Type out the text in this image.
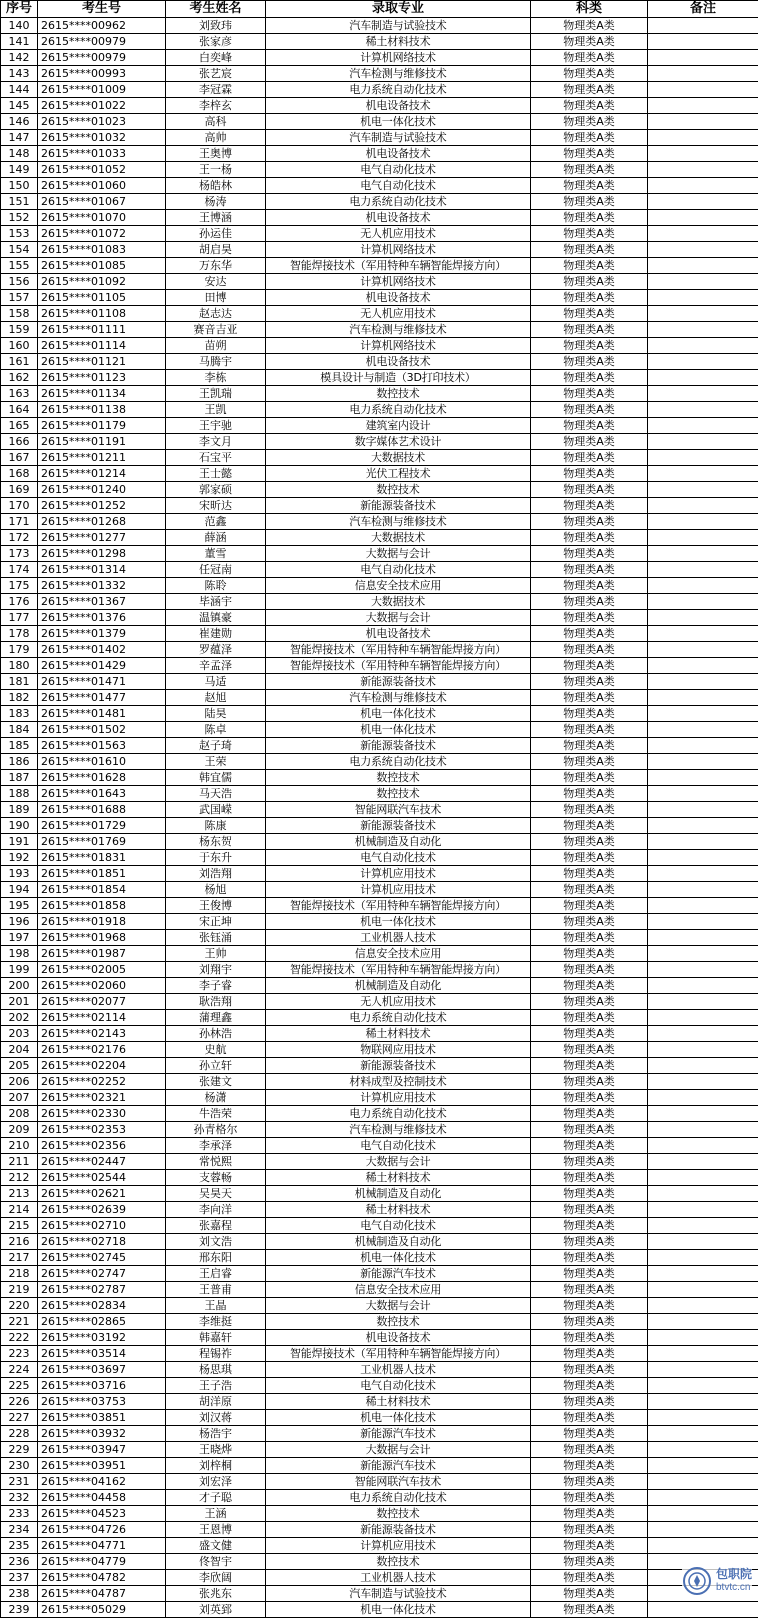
序号	考生号	考生姓名	录取专业	科类	备注
140	2615****00962	刘致玮	汽车制造与试验技术	物理类A类	
141	2615****00979	张家彦	稀土材料技术	物理类A类	
142	2615****00979	白奕峰	计算机网络技术	物理类A类	
143	2615****00993	张艺宸	汽车检测与维修技术	物理类A类	
144	2615****01009	李冠霖	电力系统自动化技术	物理类A类	
145	2615****01022	李梓玄	机电设备技术	物理类A类	
146	2615****01023	高科	机电一体化技术	物理类A类	
147	2615****01032	高帅	汽车制造与试验技术	物理类A类	
148	2615****01033	王奥博	机电设备技术	物理类A类	
149	2615****01052	王一杨	电气自动化技术	物理类A类	
150	2615****01060	杨皓林	电气自动化技术	物理类A类	
151	2615****01067	杨涛	电力系统自动化技术	物理类A类	
152	2615****01070	王博涵	机电设备技术	物理类A类	
153	2615****01072	孙运佳	无人机应用技术	物理类A类	
154	2615****01083	胡启昊	计算机网络技术	物理类A类	
155	2615****01085	万东华	智能焊接技术（军用特种车辆智能焊接方向）	物理类A类	
156	2615****01092	安达	计算机网络技术	物理类A类	
157	2615****01105	田博	机电设备技术	物理类A类	
158	2615****01108	赵志达	无人机应用技术	物理类A类	
159	2615****01111	赛音吉亚	汽车检测与维修技术	物理类A类	
160	2615****01114	苗朔	计算机网络技术	物理类A类	
161	2615****01121	马腾宇	机电设备技术	物理类A类	
162	2615****01123	李栋	模具设计与制造（3D打印技术）	物理类A类	
163	2615****01134	王凯瑞	数控技术	物理类A类	
164	2615****01138	王凯	电力系统自动化技术	物理类A类	
165	2615****01179	王宇驰	建筑室内设计	物理类A类	
166	2615****01191	李文月	数字媒体艺术设计	物理类A类	
167	2615****01211	石宝平	大数据技术	物理类A类	
168	2615****01214	王士懿	光伏工程技术	物理类A类	
169	2615****01240	郭家硕	数控技术	物理类A类	
170	2615****01252	宋昕达	新能源装备技术	物理类A类	
171	2615****01268	范鑫	汽车检测与维修技术	物理类A类	
172	2615****01277	薛涵	大数据技术	物理类A类	
173	2615****01298	董雪	大数据与会计	物理类A类	
174	2615****01314	任冠南	电气自动化技术	物理类A类	
175	2615****01332	陈聆	信息安全技术应用	物理类A类	
176	2615****01367	毕涵宇	大数据技术	物理类A类	
177	2615****01376	温镇豪	大数据与会计	物理类A类	
178	2615****01379	崔建勋	机电设备技术	物理类A类	
179	2615****01402	罗蕴泽	智能焊接技术（军用特种车辆智能焊接方向）	物理类A类	
180	2615****01429	辛孟泽	智能焊接技术（军用特种车辆智能焊接方向）	物理类A类	
181	2615****01471	马适	新能源装备技术	物理类A类	
182	2615****01477	赵旭	汽车检测与维修技术	物理类A类	
183	2615****01481	陆昊	机电一体化技术	物理类A类	
184	2615****01502	陈卓	机电一体化技术	物理类A类	
185	2615****01563	赵子琦	新能源装备技术	物理类A类	
186	2615****01610	王荣	电力系统自动化技术	物理类A类	
187	2615****01628	韩宜儒	数控技术	物理类A类	
188	2615****01643	马天浩	数控技术	物理类A类	
189	2615****01688	武国嵘	智能网联汽车技术	物理类A类	
190	2615****01729	陈康	新能源装备技术	物理类A类	
191	2615****01769	杨东贺	机械制造及自动化	物理类A类	
192	2615****01831	于东升	电气自动化技术	物理类A类	
193	2615****01851	刘浩翔	计算机应用技术	物理类A类	
194	2615****01854	杨旭	计算机应用技术	物理类A类	
195	2615****01858	王俊博	智能焊接技术（军用特种车辆智能焊接方向）	物理类A类	
196	2615****01918	宋正坤	机电一体化技术	物理类A类	
197	2615****01968	张钰涌	工业机器人技术	物理类A类	
198	2615****01987	王帅	信息安全技术应用	物理类A类	
199	2615****02005	刘翔宇	智能焊接技术（军用特种车辆智能焊接方向）	物理类A类	
200	2615****02060	李子睿	机械制造及自动化	物理类A类	
201	2615****02077	耿浩翔	无人机应用技术	物理类A类	
202	2615****02114	蒲理鑫	电力系统自动化技术	物理类A类	
203	2615****02143	孙林浩	稀土材料技术	物理类A类	
204	2615****02176	史航	物联网应用技术	物理类A类	
205	2615****02204	孙立轩	新能源装备技术	物理类A类	
206	2615****02252	张建文	材料成型及控制技术	物理类A类	
207	2615****02321	杨潇	计算机应用技术	物理类A类	
208	2615****02330	牛浩荣	电力系统自动化技术	物理类A类	
209	2615****02353	孙青格尔	汽车检测与维修技术	物理类A类	
210	2615****02356	李承泽	电气自动化技术	物理类A类	
211	2615****02447	常悦熙	大数据与会计	物理类A类	
212	2615****02544	支蓉畅	稀土材料技术	物理类A类	
213	2615****02621	吴昊天	机械制造及自动化	物理类A类	
214	2615****02639	李向洋	稀土材料技术	物理类A类	
215	2615****02710	张嘉程	电气自动化技术	物理类A类	
216	2615****02718	刘文浩	机械制造及自动化	物理类A类	
217	2615****02745	邢东阳	机电一体化技术	物理类A类	
218	2615****02747	王启睿	新能源汽车技术	物理类A类	
219	2615****02787	王普甫	信息安全技术应用	物理类A类	
220	2615****02834	王晶	大数据与会计	物理类A类	
221	2615****02865	李维挺	数控技术	物理类A类	
222	2615****03192	韩嘉轩	机电设备技术	物理类A类	
223	2615****03514	程锡祚	智能焊接技术（军用特种车辆智能焊接方向）	物理类A类	
224	2615****03697	杨思琪	工业机器人技术	物理类A类	
225	2615****03716	王子浩	电气自动化技术	物理类A类	
226	2615****03753	胡洋原	稀土材料技术	物理类A类	
227	2615****03851	刘汉蒋	机电一体化技术	物理类A类	
228	2615****03932	杨浩宇	新能源汽车技术	物理类A类	
229	2615****03947	王晓烨	大数据与会计	物理类A类	
230	2615****03951	刘梓桐	新能源汽车技术	物理类A类	
231	2615****04162	刘宏泽	智能网联汽车技术	物理类A类	
232	2615****04458	才子聪	电力系统自动化技术	物理类A类	
233	2615****04523	王涵	数控技术	物理类A类	
234	2615****04726	王恩博	新能源装备技术	物理类A类	
235	2615****04771	盛文健	计算机应用技术	物理类A类	
236	2615****04779	佟智宇	数控技术	物理类A类	
237	2615****04782	李欣阔	工业机器人技术	物理类A类	
238	2615****04787	张兆东	汽车制造与试验技术	物理类A类	
239	2615****05029	刘英郅	机电一体化技术	物理类A类	
包职院
btvtc.cn
